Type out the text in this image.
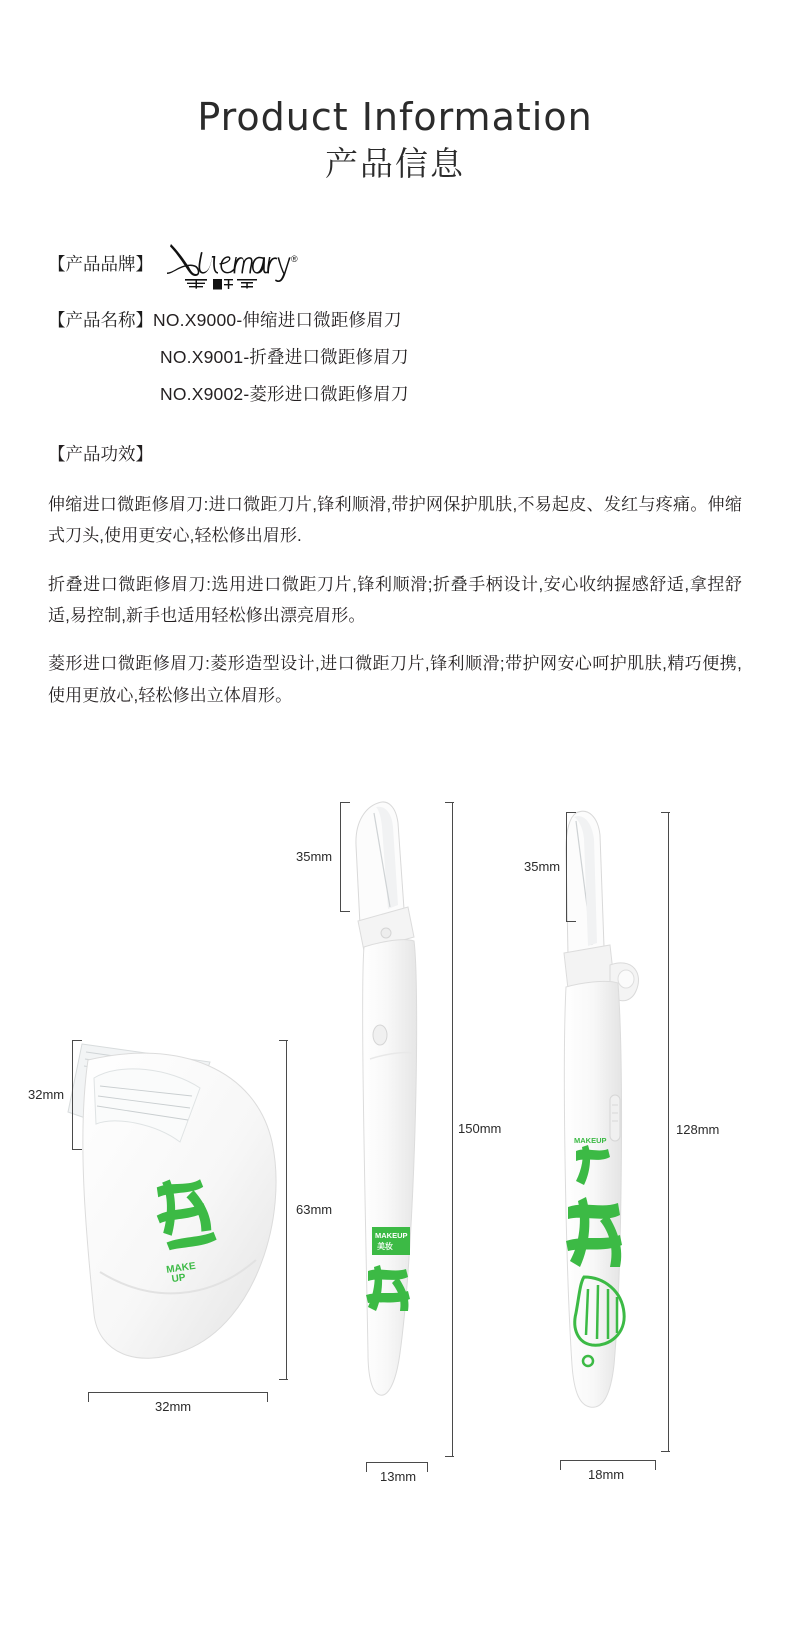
Product Information
产品信息
【产品品牌】	®
【产品名称】 NO.X9000-伸缩进口微距修眉刀
NO.X9001-折叠进口微距修眉刀
NO.X9002-菱形进口微距修眉刀
【产品功效】

伸缩进口微距修眉刀:进口微距刀片,锋利顺滑,带护网保护肌肤,不易起皮、发红与疼痛。伸缩式刀头,使用更安心,轻松修出眉形.

折叠进口微距修眉刀:选用进口微距刀片,锋利顺滑;折叠手柄设计,安心收纳握感舒适,拿捏舒适,易控制,新手也适用轻松修出漂亮眉形。

菱形进口微距修眉刀:菱形造型设计,进口微距刀片,锋利顺滑;带护网安心呵护肌肤,精巧便携,使用更放心,轻松修出立体眉形。

MAKE
UP
32mm
63mm
32mm
MAKEUP
美妆
35mm
150mm
13mm
MAKEUP
35mm
128mm
18mm
